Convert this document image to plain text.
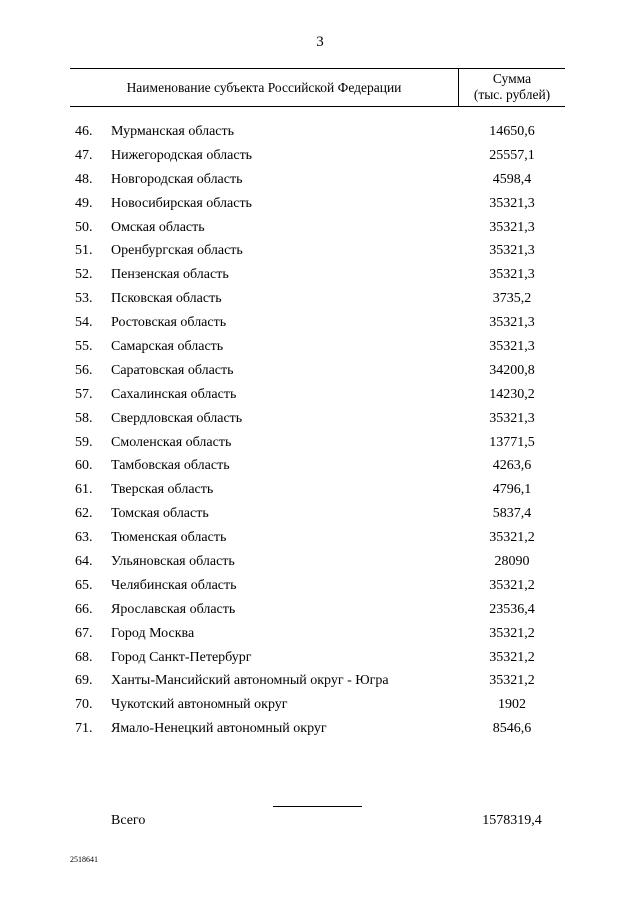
3
Наименование субъекта Российской Федерации
Сумма
(тыс. рублей)
46.	Мурманская область	14650,6
47.	Нижегородская область	25557,1
48.	Новгородская область	4598,4
49.	Новосибирская область	35321,3
50.	Омская область	35321,3
51.	Оренбургская область	35321,3
52.	Пензенская область	35321,3
53.	Псковская область	3735,2
54.	Ростовская область	35321,3
55.	Самарская область	35321,3
56.	Саратовская область	34200,8
57.	Сахалинская область	14230,2
58.	Свердловская область	35321,3
59.	Смоленская область	13771,5
60.	Тамбовская область	4263,6
61.	Тверская область	4796,1
62.	Томская область	5837,4
63.	Тюменская область	35321,2
64.	Ульяновская область	28090
65.	Челябинская область	35321,2
66.	Ярославская область	23536,4
67.	Город Москва	35321,2
68.	Город Санкт-Петербург	35321,2
69.	Ханты-Мансийский автономный округ - Югра	35321,2
70.	Чукотский автономный округ	1902
71.	Ямало-Ненецкий автономный округ	8546,6
Всего	1578319,4
2518641
